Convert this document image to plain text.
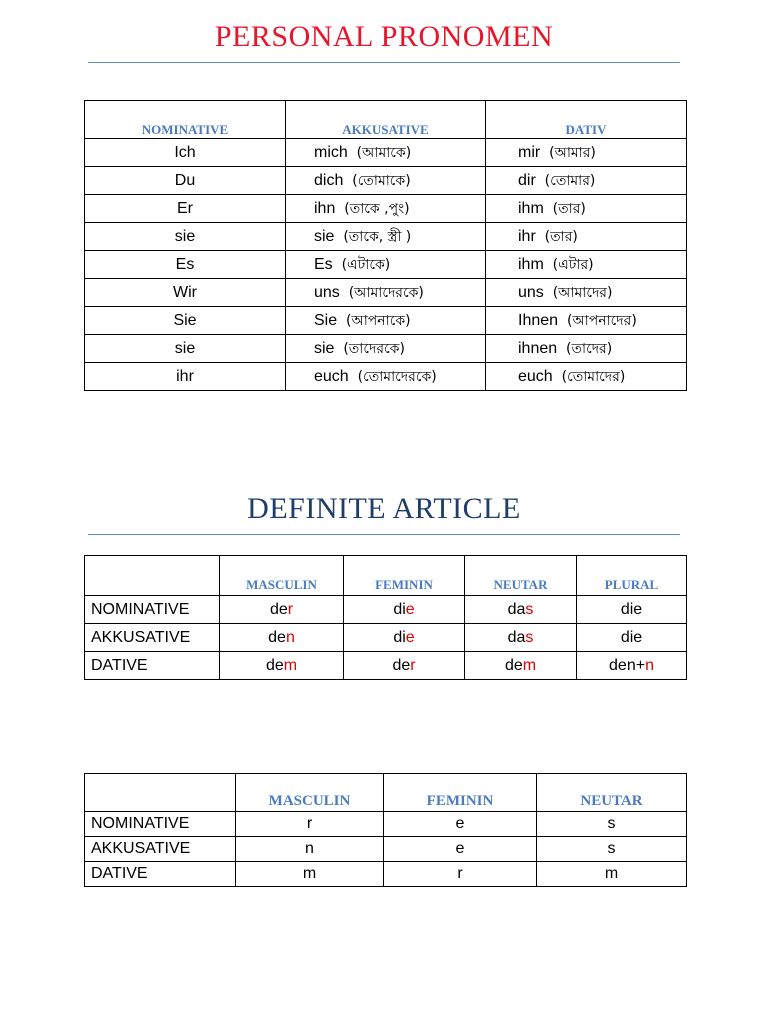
PERSONAL PRONOMEN
NOMINATIVE	AKKUSATIVE	DATIV
Ich	mich (আমাকে)	mir (আমার)
Du	dich (তোমাকে)	dir (তোমার)
Er	ihn (তাকে ,পুং)	ihm (তার)
sie	sie (তাকে, স্ত্রী )	ihr (তার)
Es	Es (এটাকে)	ihm (এটার)
Wir	uns (আমাদেরকে)	uns (আমাদের)
Sie	Sie (আপনাকে)	Ihnen (আপনাদের)
sie	sie (তাদেরকে)	ihnen (তাদের)
ihr	euch (তোমাদেরকে)	euch (তোমাদের)
DEFINITE ARTICLE
	MASCULIN	FEMININ	NEUTAR	PLURAL
NOMINATIVE	der	die	das	die
AKKUSATIVE	den	die	das	die
DATIVE	dem	der	dem	den+n
	MASCULIN	FEMININ	NEUTAR
NOMINATIVE	r	e	s
AKKUSATIVE	n	e	s
DATIVE	m	r	m
